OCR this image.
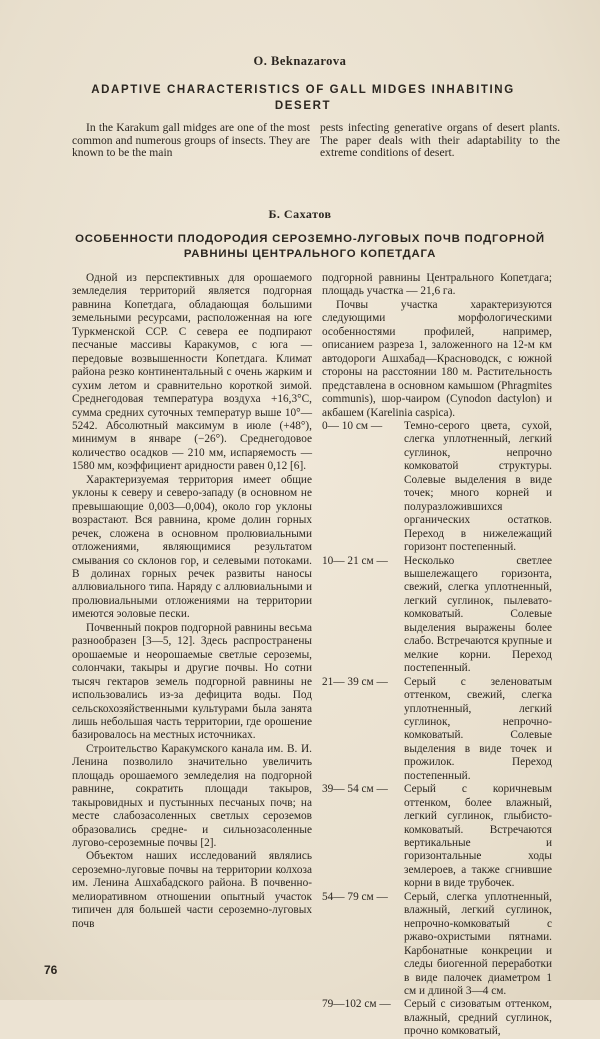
O. Beknazarova
ADAPTIVE CHARACTERISTICS OF GALL MIDGES INHABITING DESERT
In the Karakum gall midges are one of the most common and numerous groups of insects. They are known to be the main
pests infecting generative organs of desert plants. The paper deals with their adaptability to the extreme conditions of desert.
Б. Сахатов
ОСОБЕННОСТИ ПЛОДОРОДИЯ СЕРОЗЕМНО-ЛУГОВЫХ ПОЧВ ПОДГОРНОЙ РАВНИНЫ ЦЕНТРАЛЬНОГО КОПЕТДАГА

Одной из перспективных для орошаемого земледелия территорий является подгорная равнина Копетдага, обладающая большими земельными ресурсами, расположенная на юге Туркменской ССР. С севера ее подпирают песчаные массивы Каракумов, с юга — передовые возвышенности Копетдага. Климат района резко континентальный с очень жарким и сухим летом и сравнительно короткой зимой. Среднегодовая температура воздуха +16,3°С, сумма средних суточных температур выше 10°—5242. Абсолютный максимум в июле (+48°), минимум в январе (−26°). Среднегодовое количество осадков — 210 мм, испаряемость — 1580 мм, коэффициент аридности равен 0,12 [6].

Характеризуемая территория имеет общие уклоны к северу и северо-западу (в основном не превышающие 0,003—0,004), около гор уклоны возрастают. Вся равнина, кроме долин горных речек, сложена в основном пролювиальными отложениями, являющимися результатом смывания со склонов гор, и селевыми потоками. В долинах горных речек развиты наносы аллювиального типа. Наряду с аллювиальными и пролювиальными отложениями на территории имеются эоловые пески.

Почвенный покров подгорной равнины весьма разнообразен [3—5, 12]. Здесь распространены орошаемые и неорошаемые светлые сероземы, солончаки, такыры и другие почвы. Но сотни тысяч гектаров земель подгорной равнины не использовались из-за дефицита воды. Под сельскохозяйственными культурами была занята лишь небольшая часть территории, где орошение базировалось на местных источниках.

Строительство Каракумского канала им. В. И. Ленина позволило значительно увеличить площадь орошаемого земледелия на подгорной равнине, сократить площади такыров, такыровидных и пустынных песчаных почв; на месте слабозасоленных светлых сероземов образовались средне- и сильнозасоленные лугово-сероземные почвы [2].

Объектом наших исследований являлись сероземно-луговые почвы на территории колхоза им. Ленина Ашхабадского района. В почвенно-мелиоративном отношении опытный участок типичен для большей части сероземно-луговых почв

подгорной равнины Центрального Копетдага; площадь участка — 21,6 га.

Почвы участка характеризуются следующими морфологическими особенностями профилей, например, описанием разреза 1, заложенного на 12-м км автодороги Ашхабад—Красноводск, с южной стороны на расстоянии 180 м. Растительность представлена в основном камышом (Phragmites communis), шор-чаиром (Cynodon dactylon) и акбашем (Karelinia caspica).

0— 10 см —	Темно-серого цвета, сухой, слегка уплотненный, легкий суглинок, непрочно комковатой структуры. Солевые выделения в виде точек; много корней и полуразложившихся органических остатков. Переход в нижележащий горизонт постепенный.
10— 21 см —	Несколько светлее вышележащего горизонта, свежий, слегка уплотненный, легкий суглинок, пылевато-комковатый. Солевые выделения выражены более слабо. Встречаются крупные и мелкие корни. Переход постепенный.
21— 39 см —	Серый с зеленоватым оттенком, свежий, слегка уплотненный, легкий суглинок, непрочно-комковатый. Солевые выделения в виде точек и прожилок. Переход постепенный.
39— 54 см —	Серый с коричневым оттенком, более влажный, легкий суглинок, глыбисто-комковатый. Встречаются вертикальные и горизонтальные ходы землероев, а также сгнившие корни в виде трубочек.
54— 79 см —	Серый, слегка уплотненный, влажный, легкий суглинок, непрочно-комковатый с ржаво-охристыми пятнами. Карбонатные конкреции и следы биогенной переработки в виде палочек диаметром 1 см и длиной 3—4 см.
79—102 см —	Серый с сизоватым оттенком, влажный, средний суглинок, прочно комковатый,
76
